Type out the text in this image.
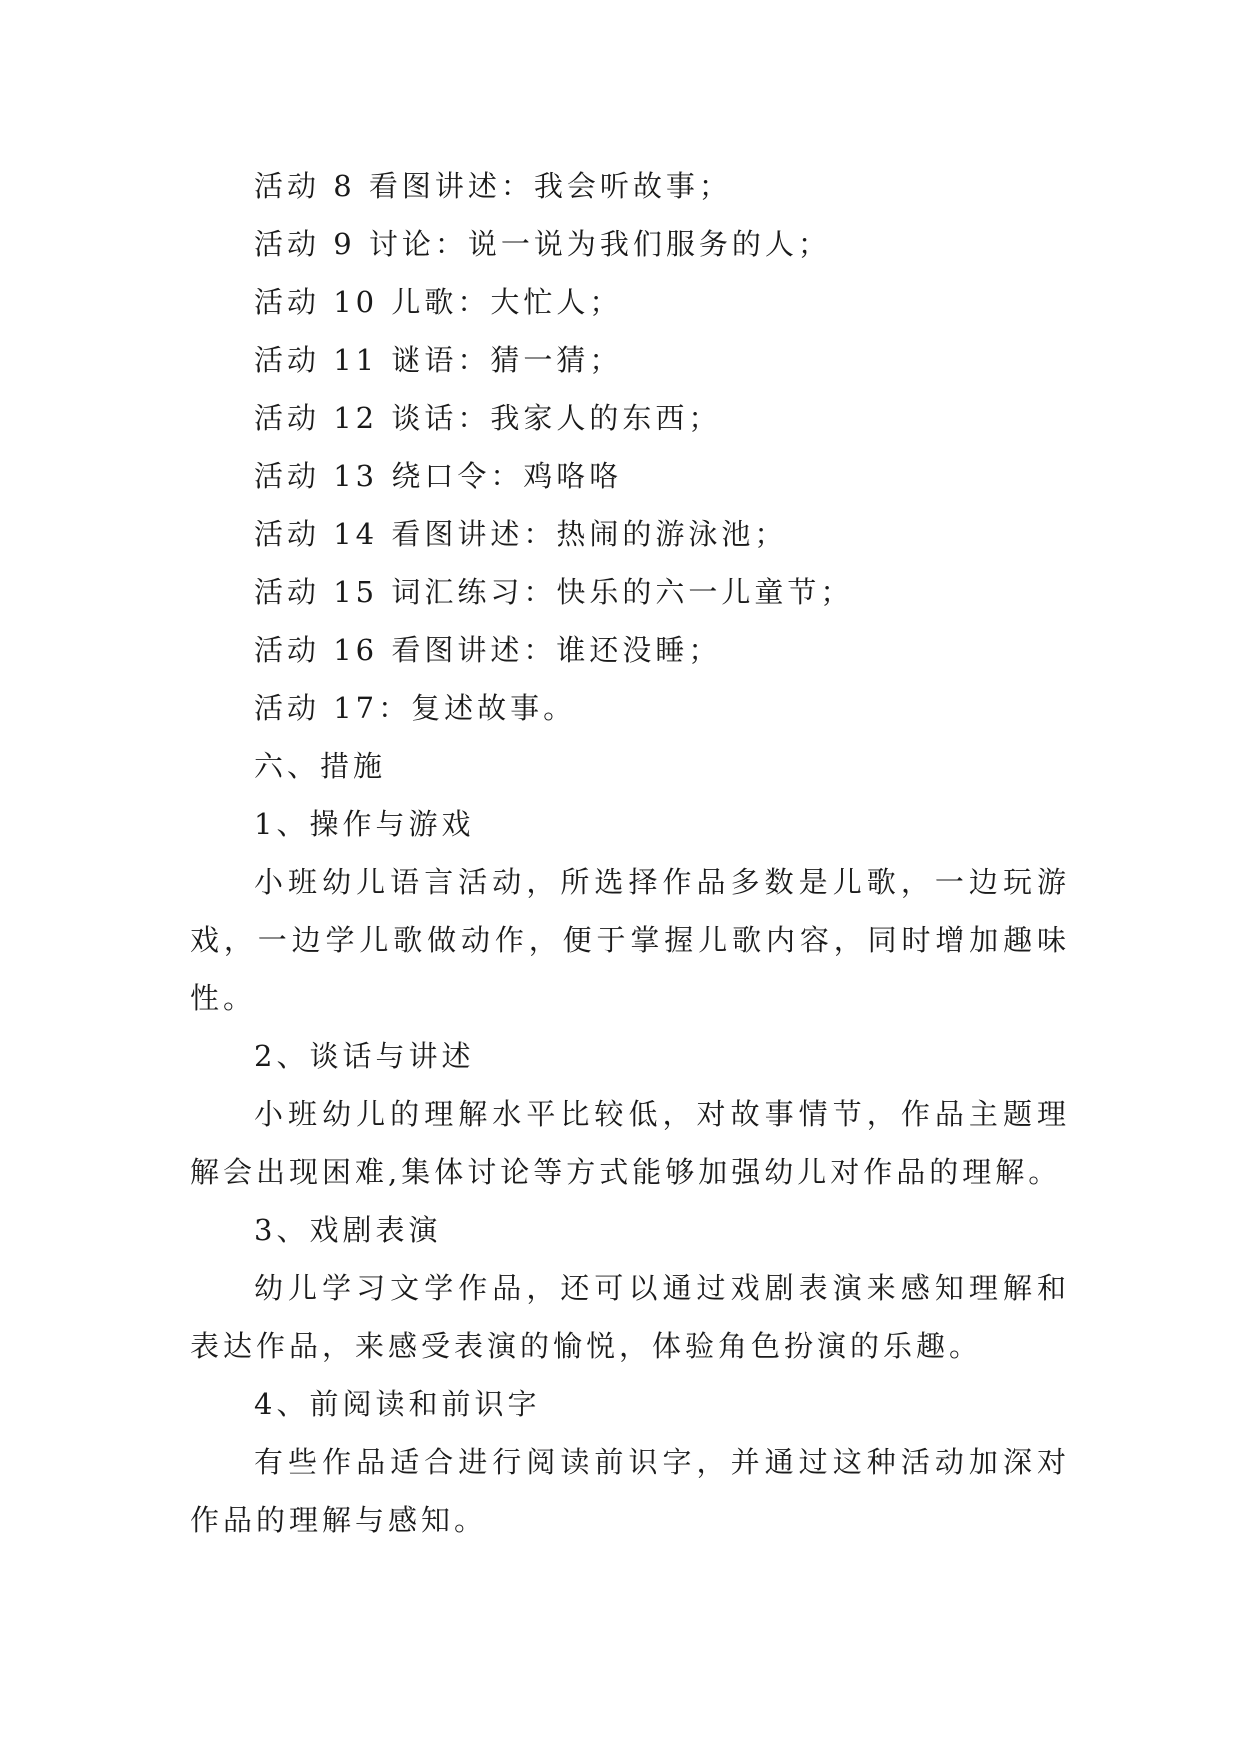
活动 8 看图讲述：我会听故事；

活动 9 讨论：说一说为我们服务的人；

活动 10 儿歌：大忙人；

活动 11 谜语：猜一猜；

活动 12 谈话：我家人的东西；

活动 13 绕口令：鸡咯咯

活动 14 看图讲述：热闹的游泳池；

活动 15 词汇练习：快乐的六一儿童节；

活动 16 看图讲述：谁还没睡；

活动 17：复述故事。

六、措施

1、操作与游戏

小班幼儿语言活动，所选择作品多数是儿歌，一边玩游戏，一边学儿歌做动作，便于掌握儿歌内容，同时增加趣味性。

2、谈话与讲述

小班幼儿的理解水平比较低，对故事情节，作品主题理解会出现困难,集体讨论等方式能够加强幼儿对作品的理解。

3、戏剧表演

幼儿学习文学作品，还可以通过戏剧表演来感知理解和表达作品，来感受表演的愉悦，体验角色扮演的乐趣。

4、前阅读和前识字

有些作品适合进行阅读前识字，并通过这种活动加深对作品的理解与感知。
